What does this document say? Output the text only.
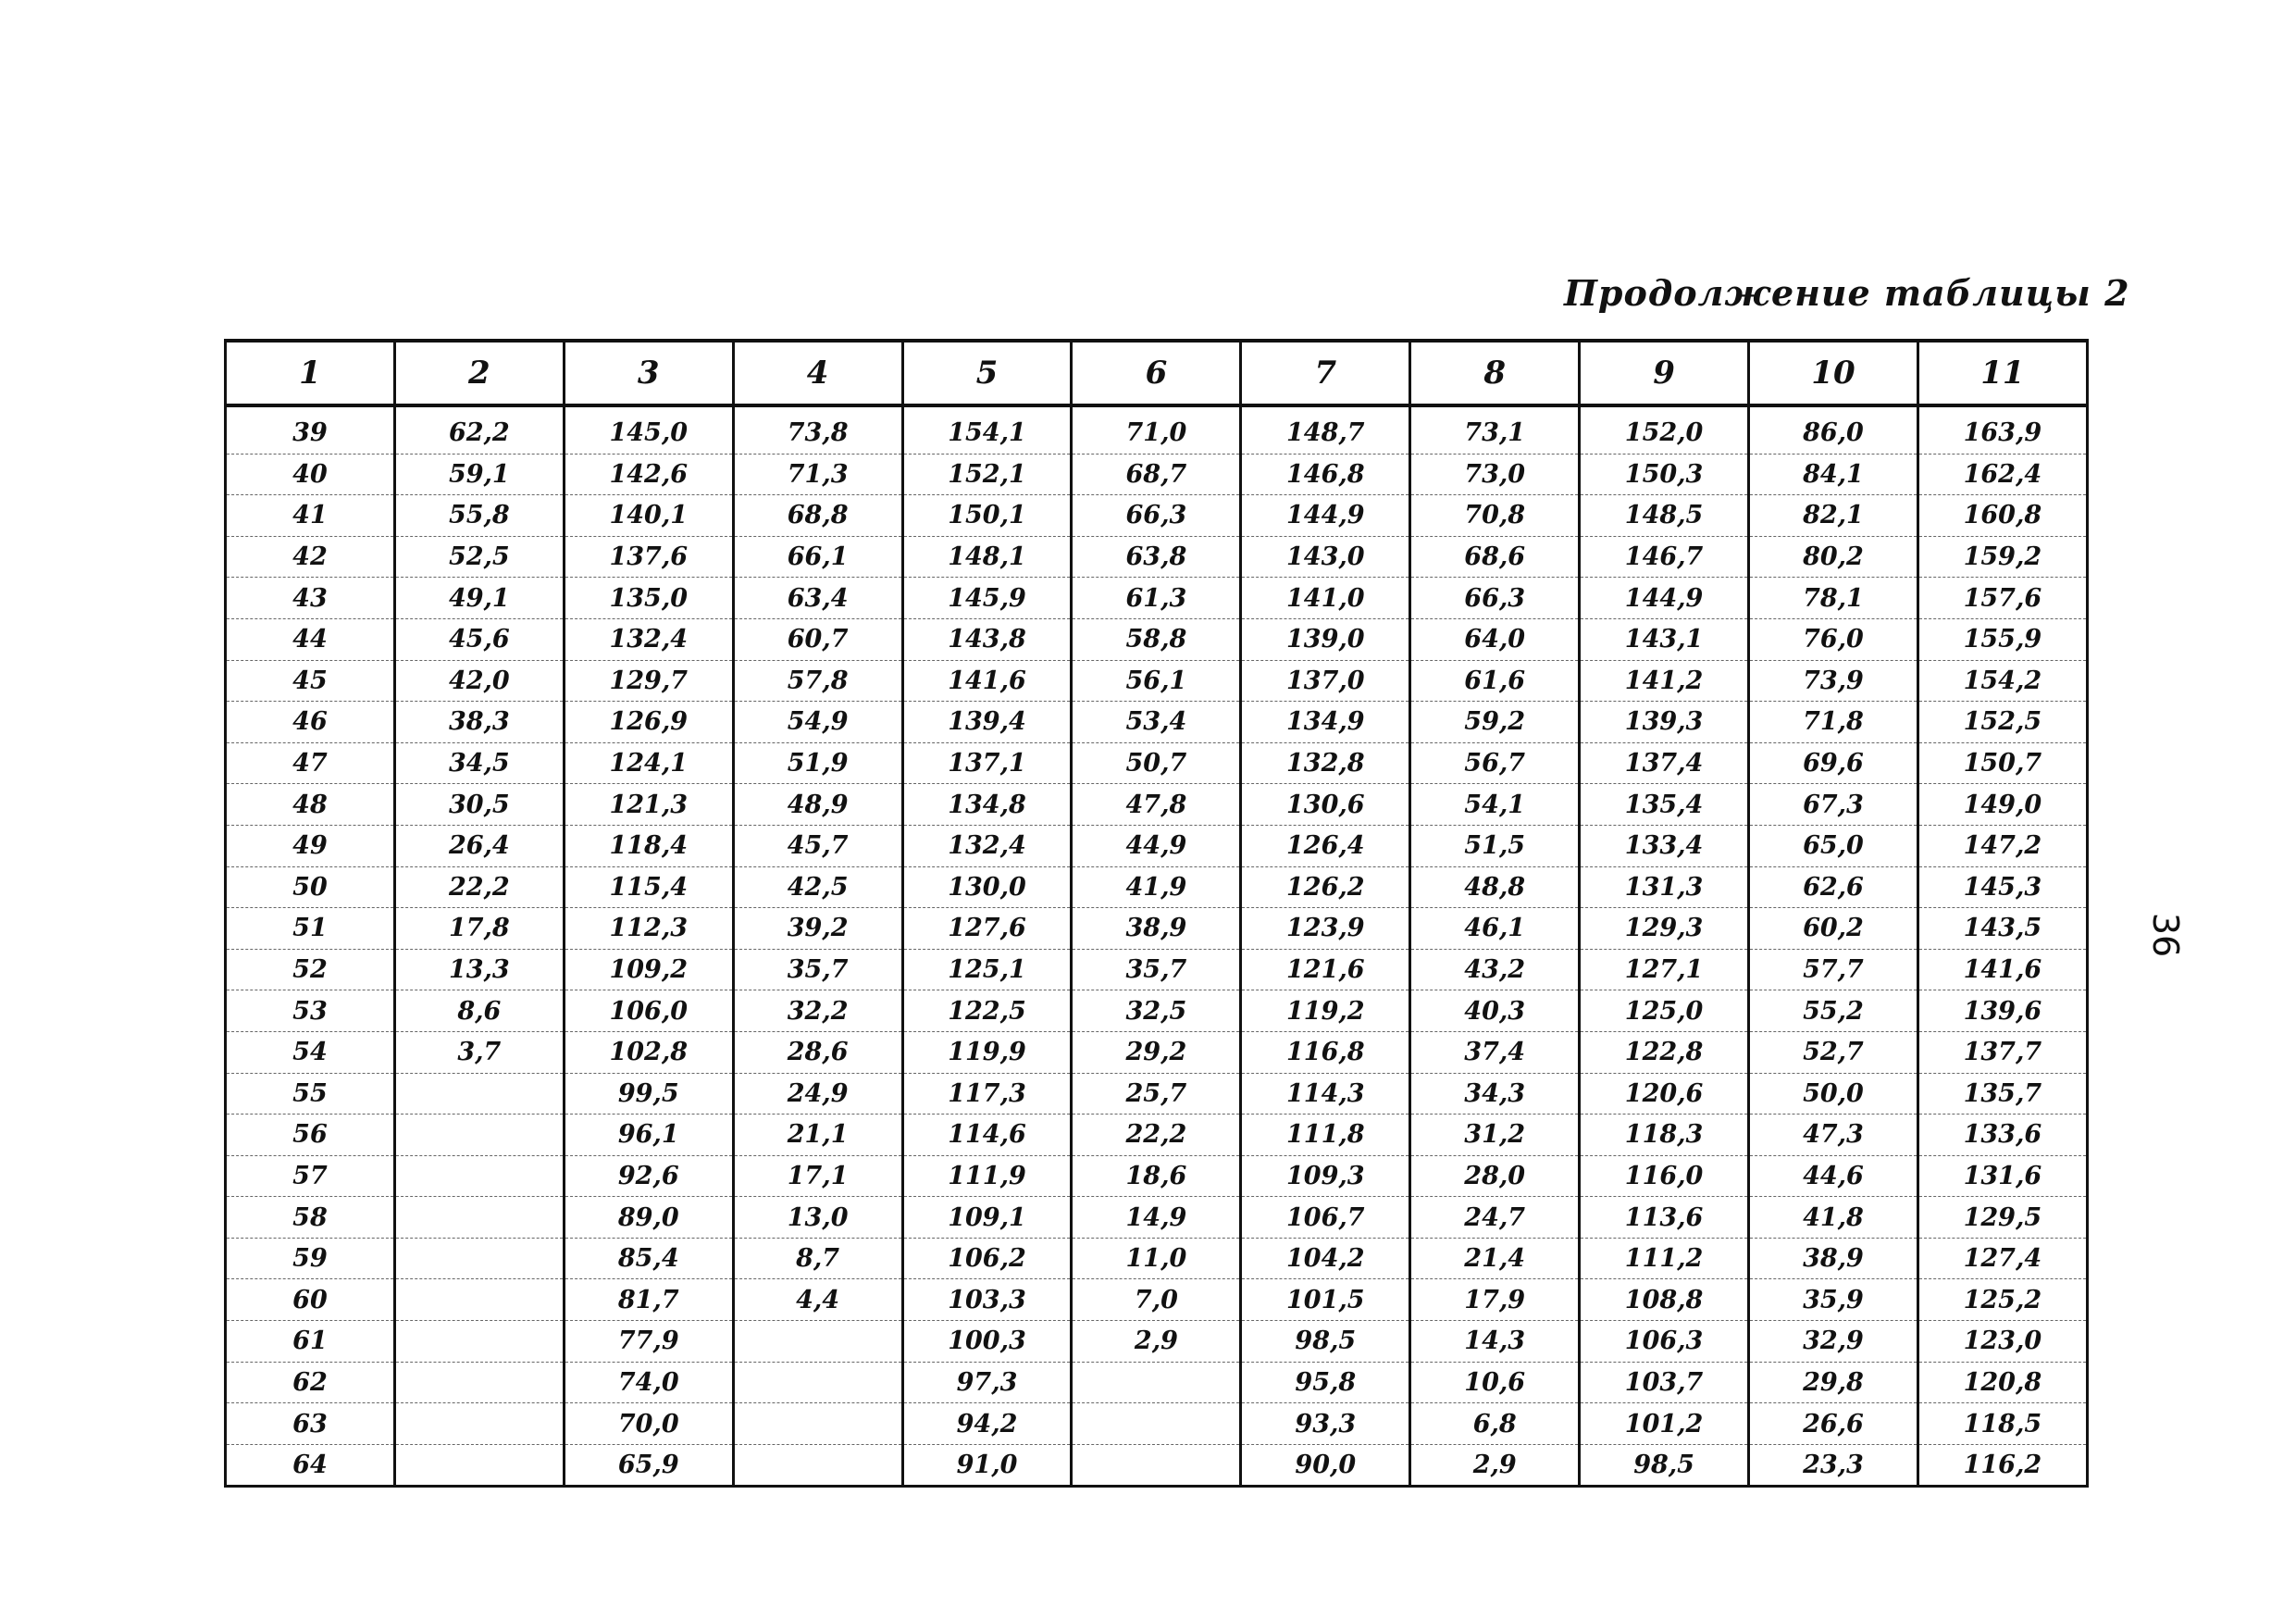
Продолжение таблицы 2
36
1	2	3	4	5	6	7	8	9	10	11
39	62,2	145,0	73,8	154,1	71,0	148,7	73,1	152,0	86,0	163,9
40	59,1	142,6	71,3	152,1	68,7	146,8	73,0	150,3	84,1	162,4
41	55,8	140,1	68,8	150,1	66,3	144,9	70,8	148,5	82,1	160,8
42	52,5	137,6	66,1	148,1	63,8	143,0	68,6	146,7	80,2	159,2
43	49,1	135,0	63,4	145,9	61,3	141,0	66,3	144,9	78,1	157,6
44	45,6	132,4	60,7	143,8	58,8	139,0	64,0	143,1	76,0	155,9
45	42,0	129,7	57,8	141,6	56,1	137,0	61,6	141,2	73,9	154,2
46	38,3	126,9	54,9	139,4	53,4	134,9	59,2	139,3	71,8	152,5
47	34,5	124,1	51,9	137,1	50,7	132,8	56,7	137,4	69,6	150,7
48	30,5	121,3	48,9	134,8	47,8	130,6	54,1	135,4	67,3	149,0
49	26,4	118,4	45,7	132,4	44,9	126,4	51,5	133,4	65,0	147,2
50	22,2	115,4	42,5	130,0	41,9	126,2	48,8	131,3	62,6	145,3
51	17,8	112,3	39,2	127,6	38,9	123,9	46,1	129,3	60,2	143,5
52	13,3	109,2	35,7	125,1	35,7	121,6	43,2	127,1	57,7	141,6
53	8,6	106,0	32,2	122,5	32,5	119,2	40,3	125,0	55,2	139,6
54	3,7	102,8	28,6	119,9	29,2	116,8	37,4	122,8	52,7	137,7
55		99,5	24,9	117,3	25,7	114,3	34,3	120,6	50,0	135,7
56		96,1	21,1	114,6	22,2	111,8	31,2	118,3	47,3	133,6
57		92,6	17,1	111,9	18,6	109,3	28,0	116,0	44,6	131,6
58		89,0	13,0	109,1	14,9	106,7	24,7	113,6	41,8	129,5
59		85,4	8,7	106,2	11,0	104,2	21,4	111,2	38,9	127,4
60		81,7	4,4	103,3	7,0	101,5	17,9	108,8	35,9	125,2
61		77,9		100,3	2,9	98,5	14,3	106,3	32,9	123,0
62		74,0		97,3		95,8	10,6	103,7	29,8	120,8
63		70,0		94,2		93,3	6,8	101,2	26,6	118,5
64		65,9		91,0		90,0	2,9	98,5	23,3	116,2
